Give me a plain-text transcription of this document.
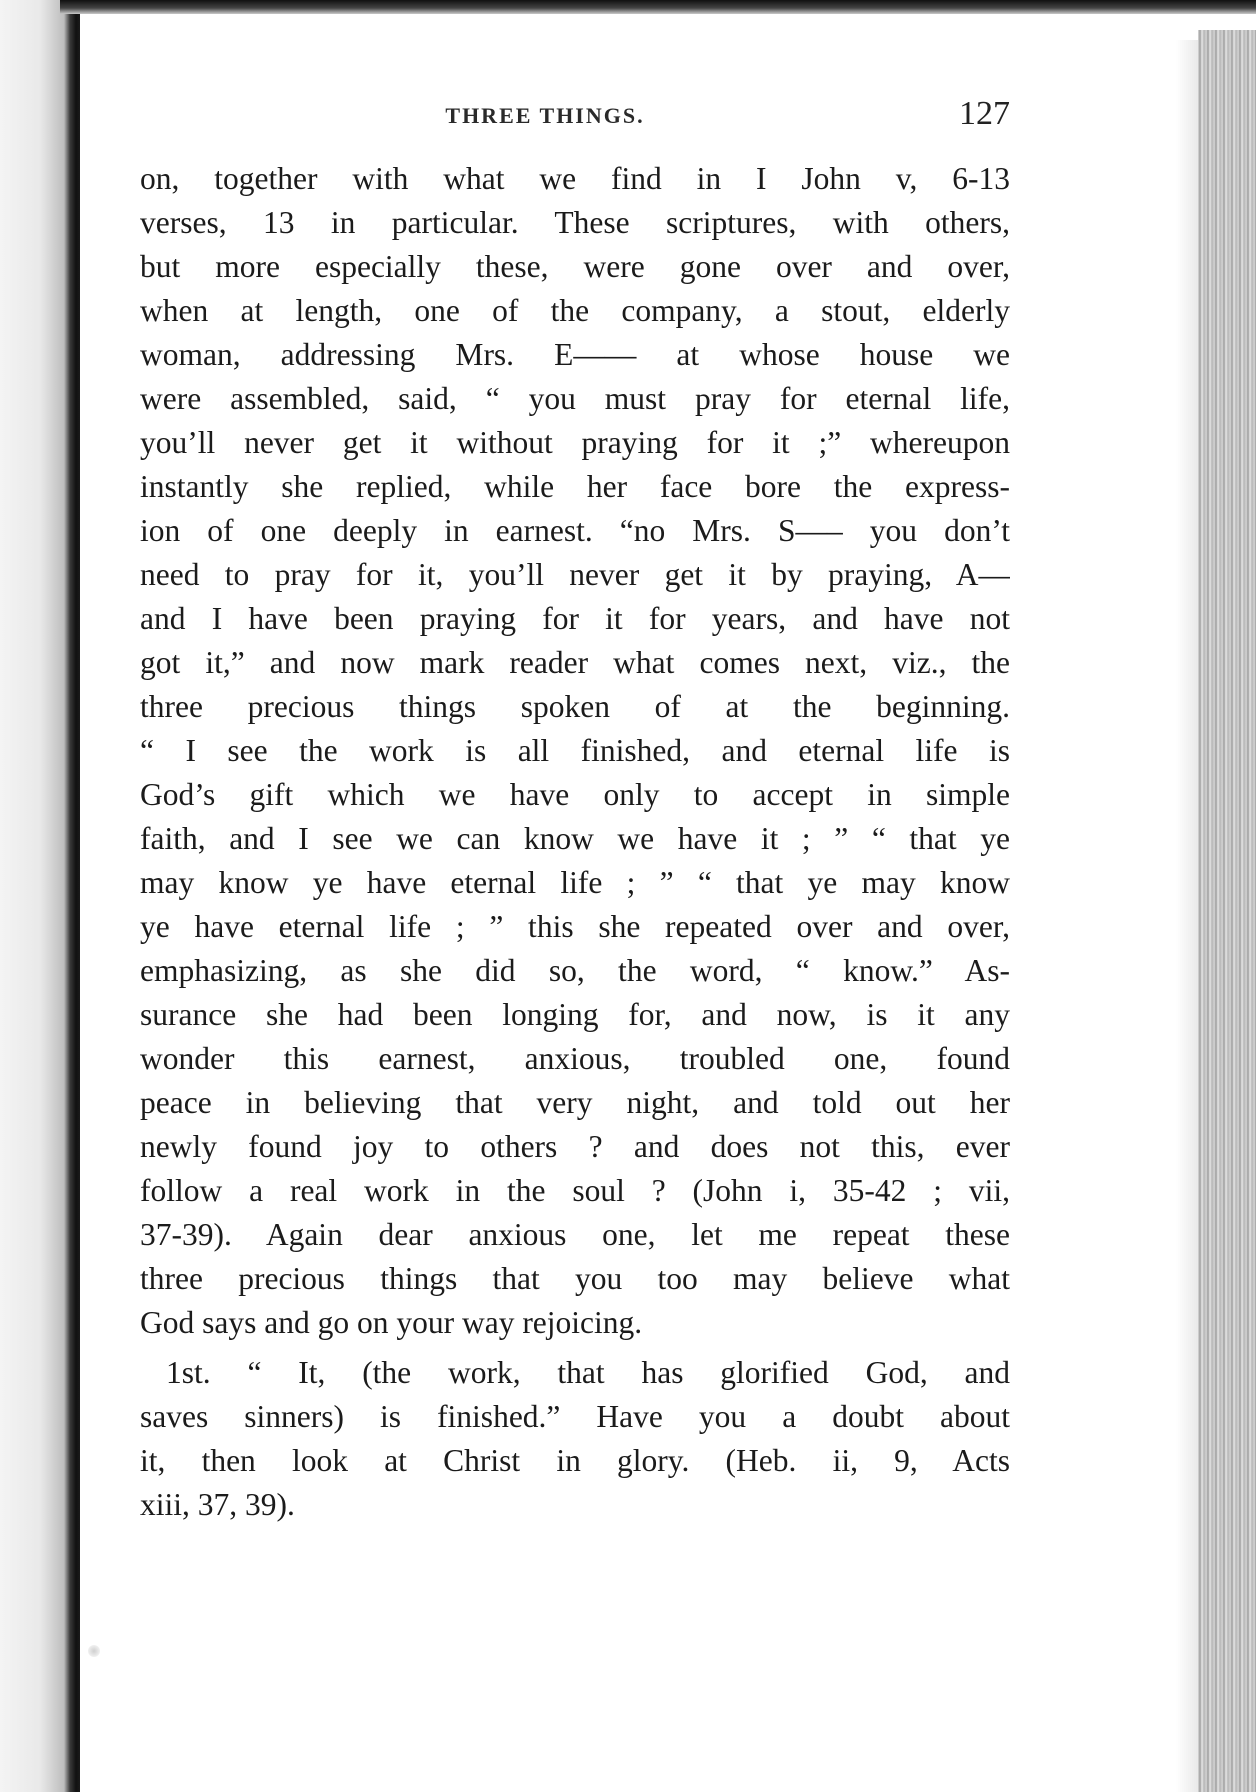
THREE THINGS.	127
on, together with what we find in I John v, 6-13
verses, 13 in particular. These scriptures, with others,
but more especially these, were gone over and over,
when at length, one of the company, a stout, elderly
woman, addressing Mrs. E—— at whose house we
were assembled, said, “ you must pray for eternal life,
you’ll never get it without praying for it ;” whereupon
instantly she replied, while her face bore the express-
ion of one deeply in earnest. “no Mrs. S—– you don’t
need to pray for it, you’ll never get it by praying, A—
and I have been praying for it for years, and have not
got it,” and now mark reader what comes next, viz., the
three precious things spoken of at the beginning.
“ I see the work is all finished, and eternal life is
God’s gift which we have only to accept in simple
faith, and I see we can know we have it ; ” “ that ye
may know ye have eternal life ; ” “ that ye may know
ye have eternal life ; ” this she repeated over and over,
emphasizing, as she did so, the word, “ know.” As-
surance she had been longing for, and now, is it any
wonder this earnest, anxious, troubled one, found
peace in believing that very night, and told out her
newly found joy to others ? and does not this, ever
follow a real work in the soul ? (John i, 35-42 ; vii,
37-39). Again dear anxious one, let me repeat these
three precious things that you too may believe what
God says and go on your way rejoicing.
1st. “ It, (the work, that has glorified God, and
saves sinners) is finished.” Have you a doubt about
it, then look at Christ in glory. (Heb. ii, 9, Acts
xiii, 37, 39).
